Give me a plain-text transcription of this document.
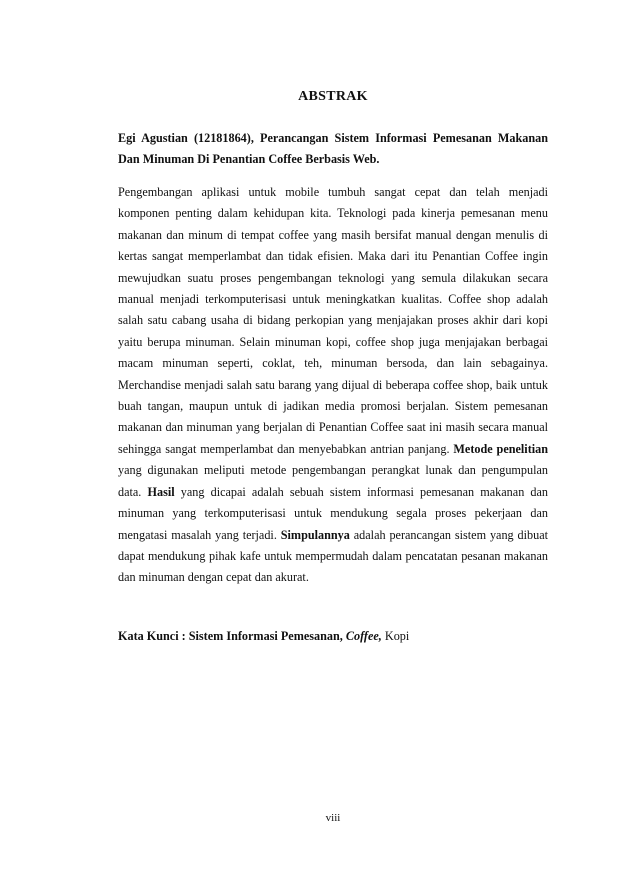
ABSTRAK
Egi Agustian (12181864), Perancangan Sistem Informasi Pemesanan Makanan Dan Minuman Di Penantian Coffee Berbasis Web.
Pengembangan aplikasi untuk mobile tumbuh sangat cepat dan telah menjadi komponen penting dalam kehidupan kita. Teknologi pada kinerja pemesanan menu makanan dan minum di tempat coffee yang masih bersifat manual dengan menulis di kertas sangat memperlambat dan tidak efisien. Maka dari itu Penantian Coffee ingin mewujudkan suatu proses pengembangan teknologi yang semula dilakukan secara manual menjadi terkomputerisasi untuk meningkatkan kualitas. Coffee shop adalah salah satu cabang usaha di bidang perkopian yang menjajakan proses akhir dari kopi yaitu berupa minuman. Selain minuman kopi, coffee shop juga menjajakan berbagai macam minuman seperti, coklat, teh, minuman bersoda, dan lain sebagainya. Merchandise menjadi salah satu barang yang dijual di beberapa coffee shop, baik untuk buah tangan, maupun untuk di jadikan media promosi berjalan. Sistem pemesanan makanan dan minuman yang berjalan di Penantian Coffee saat ini masih secara manual sehingga sangat memperlambat dan menyebabkan antrian panjang. Metode penelitian yang digunakan meliputi metode pengembangan perangkat lunak dan pengumpulan data. Hasil yang dicapai adalah sebuah sistem informasi pemesanan makanan dan minuman yang terkomputerisasi untuk mendukung segala proses pekerjaan dan mengatasi masalah yang terjadi. Simpulannya adalah perancangan sistem yang dibuat dapat mendukung pihak kafe untuk mempermudah dalam pencatatan pesanan makanan dan minuman dengan cepat dan akurat.
Kata Kunci : Sistem Informasi Pemesanan, Coffee, Kopi
viii
